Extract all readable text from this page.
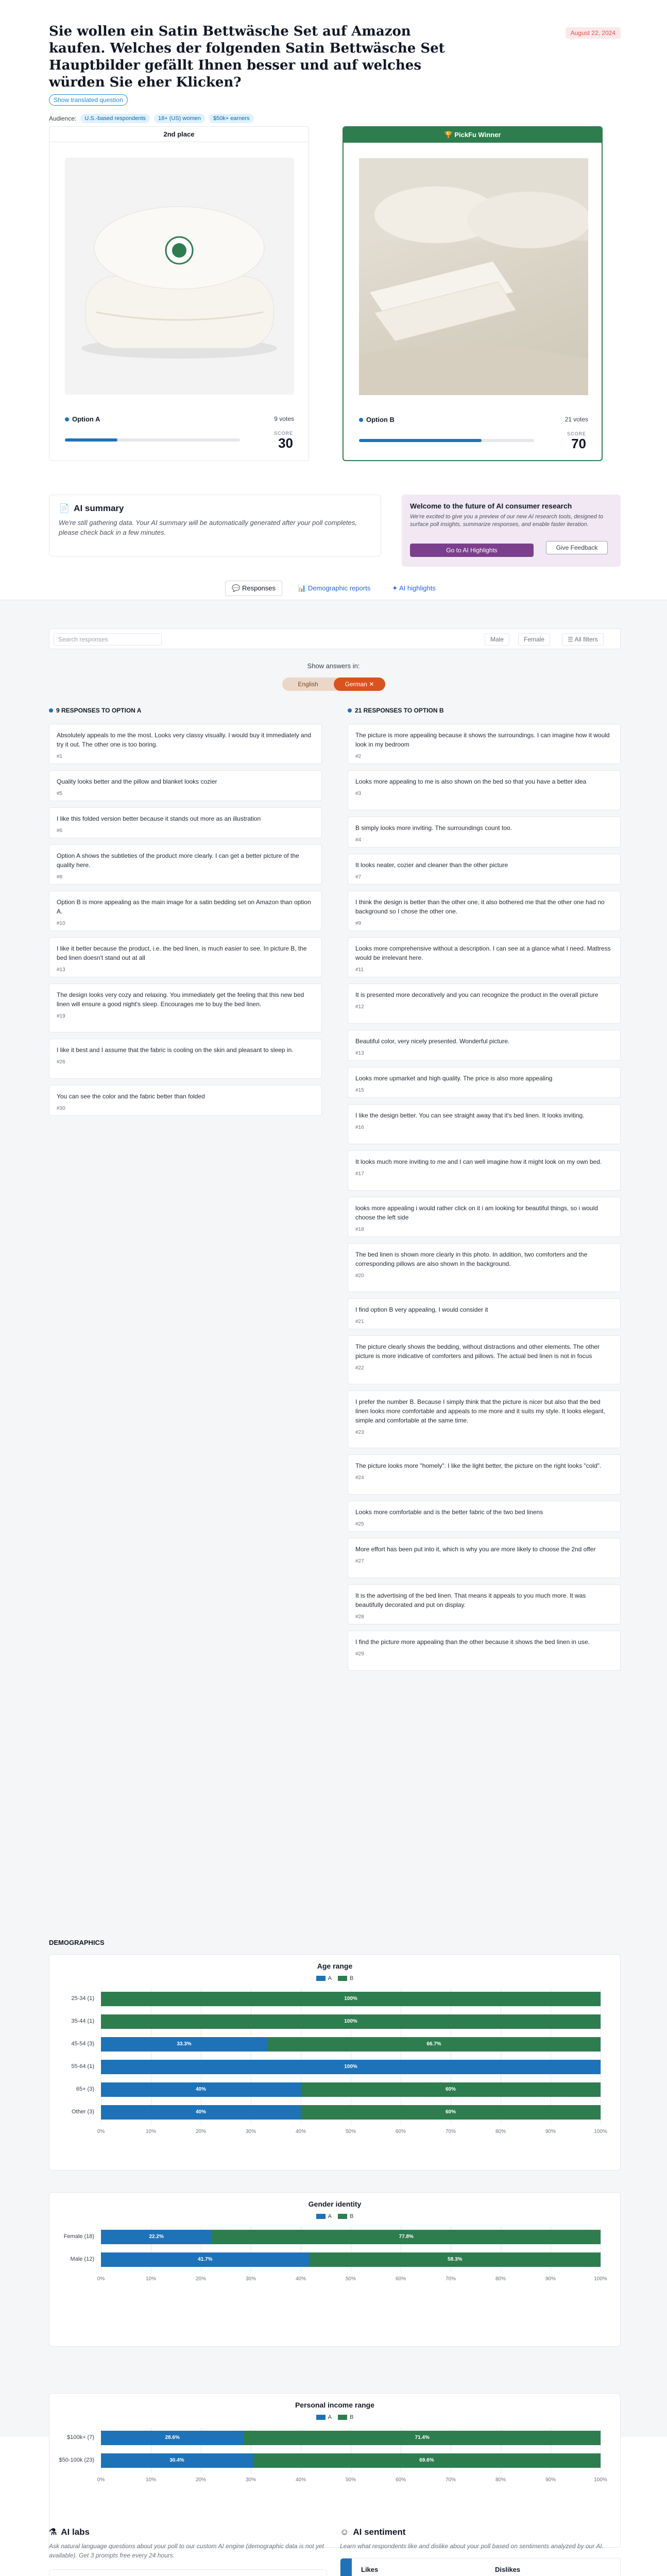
Sie wollen ein Satin Bettwäsche Set auf Amazon kaufen. Welches der folgenden Satin Bettwäsche Set Hauptbilder gefällt Ihnen besser und auf welches würden Sie eher Klicken?
August 22, 2024
Show translated question
Audience:	U.S.-based respondents	18+ (US) women	$50k+ earners
2nd place
Option A	9 votes
SCORE
30
🏆 PickFu Winner
Option B	21 votes
SCORE
70
📄 AI summary

We're still gathering data. Your AI summary will be automatically generated after your poll completes, please check back in a few minutes.

Welcome to the future of AI consumer research

We're excited to give you a preview of our new AI research tools, designed to surface poll insights, summarize responses, and enable faster iteration.

Go to AI Highlights	Give Feedback
💬 Responses	📊 Demographic reports	✦ AI highlights
Search responses	Male	Female	☰ All filters
Show answers in:
English	German ✕
9 RESPONSES TO OPTION A	21 RESPONSES TO OPTION B
Absolutely appeals to me the most. Looks very classy visually. I would buy it immediately and try it out. The other one is too boring.
#1
Quality looks better and the pillow and blanket looks cozier
#5
I like this folded version better because it stands out more as an illustration
#6
Option A shows the subtleties of the product more clearly. I can get a better picture of the quality here.
#8
Option B is more appealing as the main image for a satin bedding set on Amazon than option A.
#10
I like it better because the product, i.e. the bed linen, is much easier to see. In picture B, the bed linen doesn't stand out at all
#13
The design looks very cozy and relaxing. You immediately get the feeling that this new bed linen will ensure a good night's sleep. Encourages me to buy the bed linen.
#19
I like it best and I assume that the fabric is cooling on the skin and pleasant to sleep in.
#26
You can see the color and the fabric better than folded
#30
The picture is more appealing because it shows the surroundings. I can imagine how it would look in my bedroom
#2
Looks more appealing to me is also shown on the bed so that you have a better idea
#3
B simply looks more inviting. The surroundings count too.
#4
It looks neater, cozier and cleaner than the other picture
#7
I think the design is better than the other one, it also bothered me that the other one had no background so I chose the other one.
#9
Looks more comprehensive without a description. I can see at a glance what I need. Mattress would be irrelevant here.
#11
It is presented more decoratively and you can recognize the product in the overall picture
#12
Beautiful color, very nicely presented. Wonderful picture.
#13
Looks more upmarket and high quality. The price is also more appealing
#15
I like the design better. You can see straight away that it's bed linen. It looks inviting.
#16
It looks much more inviting to me and I can well imagine how it might look on my own bed.
#17
looks more appealing i would rather click on it i am looking for beautiful things, so i would choose the left side
#18
The bed linen is shown more clearly in this photo. In addition, two comforters and the corresponding pillows are also shown in the background.
#20
I find option B very appealing, I would consider it
#21
The picture clearly shows the bedding, without distractions and other elements. The other picture is more indicative of comforters and pillows. The actual bed linen is not in focus
#22
I prefer the number B. Because I simply think that the picture is nicer but also that the bed linen looks more comfortable and appeals to me more and it suits my style. It looks elegant, simple and comfortable at the same time.
#23
The picture looks more "homely". I like the light better, the picture on the right looks "cold".
#24
Looks more comfortable and is the better fabric of the two bed linens
#25
More effort has been put into it, which is why you are more likely to choose the 2nd offer
#27
It is the advertising of the bed linen. That means it appeals to you much more. It was beautifully decorated and put on display.
#28
I find the picture more appealing than the other because it shows the bed linen in use.
#29
DEMOGRAPHICS
Age range
A	B
0%	10%	20%	30%	40%	50%	60%	70%	80%	90%	100%
25-34 (1)	100%
35-44 (1)	100%
45-54 (3)	33.3%	66.7%
55-64 (1)	100%
65+ (3)	40%	60%
Other (3)	40%	60%
Gender identity
A	B
0%	10%	20%	30%	40%	50%	60%	70%	80%	90%	100%
Female (18)	22.2%	77.8%
Male (12)	41.7%	58.3%
Personal income range
A	B
0%	10%	20%	30%	40%	50%	60%	70%	80%	90%	100%
$100k+ (7)	28.6%	71.4%
$50-100k (23)	30.4%	69.6%
⚗ AI labs

Ask natural language questions about your poll to our custom AI engine (demographic data is not yet available). Get 3 prompts free every 24 hours.

☺ AI sentiment

Learn what respondents like and dislike about your poll based on sentiments analyzed by our AI.

Likes	Dislikes
